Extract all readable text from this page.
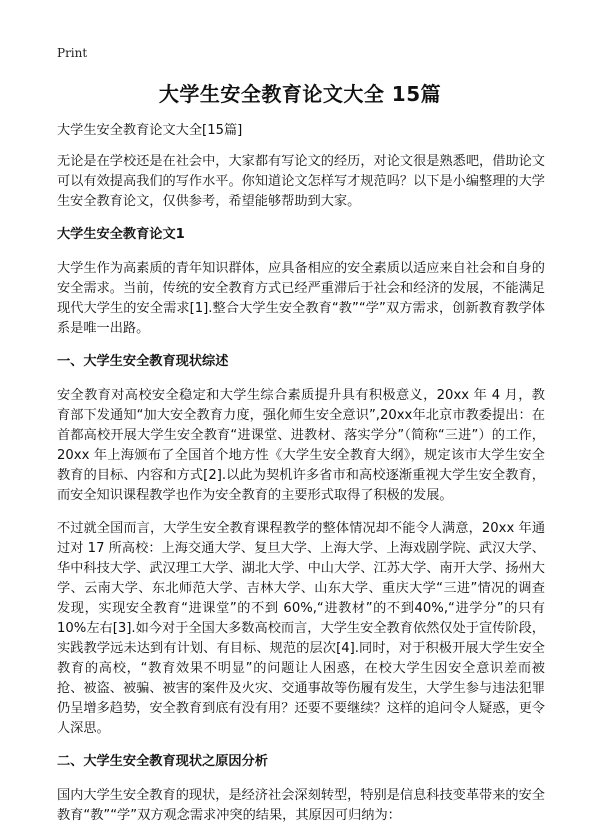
Print
大学生安全教育论文大全 15篇

大学生安全教育论文大全[15篇]

无论是在学校还是在社会中，大家都有写论文的经历，对论文很是熟悉吧，借助论文可以有效提高我们的写作水平。你知道论文怎样写才规范吗？以下是小编整理的大学生安全教育论文，仅供参考，希望能够帮助到大家。

大学生安全教育论文1

大学生作为高素质的青年知识群体，应具备相应的安全素质以适应来自社会和自身的安全需求。当前，传统的安全教育方式已经严重滞后于社会和经济的发展，不能满足现代大学生的安全需求[1].整合大学生安全教育“教”“学”双方需求，创新教育教学体系是唯一出路。

一、大学生安全教育现状综述

安全教育对高校安全稳定和大学生综合素质提升具有积极意义，20xx 年 4 月，教育部下发通知“加大安全教育力度，强化师生安全意识”,20xx年北京市教委提出：在首都高校开展大学生安全教育“进课堂、进教材、落实学分”（简称“三进”）的工作，20xx 年上海颁布了全国首个地方性《大学生安全教育大纲》，规定该市大学生安全教育的目标、内容和方式[2].以此为契机许多省市和高校逐渐重视大学生安全教育，而安全知识课程教学也作为安全教育的主要形式取得了积极的发展。

不过就全国而言，大学生安全教育课程教学的整体情况却不能令人满意，20xx 年通过对 17 所高校：上海交通大学、复旦大学、上海大学、上海戏剧学院、武汉大学、华中科技大学、武汉理工大学、湖北大学、中山大学、江苏大学、南开大学、扬州大学、云南大学、东北师范大学、吉林大学、山东大学、重庆大学“三进”情况的调查发现，实现安全教育“进课堂”的不到 60%,“进教材”的不到40%,“进学分”的只有 10%左右[3].如今对于全国大多数高校而言，大学生安全教育依然仅处于宣传阶段，实践教学远未达到有计划、有目标、规范的层次[4].同时，对于积极开展大学生安全教育的高校，“教育效果不明显”的问题让人困惑，在校大学生因安全意识差而被抢、被盗、被骗、被害的案件及火灾、交通事故等伤履有发生，大学生参与违法犯罪仍呈增多趋势，安全教育到底有没有用？还要不要继续？这样的追问令人疑惑，更令人深思。

二、大学生安全教育现状之原因分析

国内大学生安全教育的现状，是经济社会深刻转型，特别是信息科技变革带来的安全教育“教”“学”双方观念需求冲突的结果，其原因可归纳为：
